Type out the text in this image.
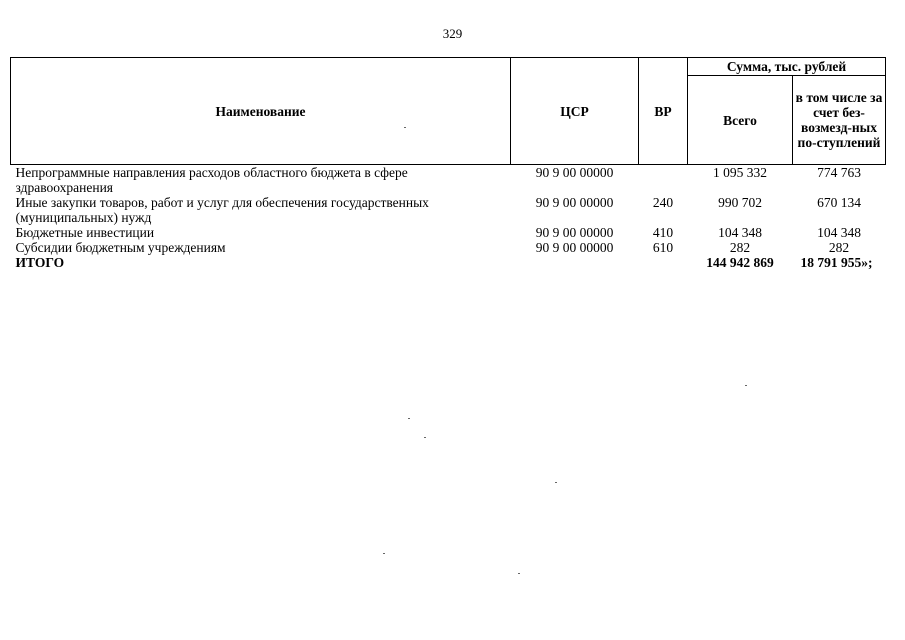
329
Наименование	ЦСР	ВР	Сумма, тыс. рублей	
			Всего	в том числе за счет без-возмезд-ных по-ступлений
Непрограммные направления расходов областного бюджета в сфере здравоохранения	90 9 00 00000		1 095 332	774 763
Иные закупки товаров, работ и услуг для обеспечения государственных (муниципальных) нужд	90 9 00 00000	240	990 702	670 134
Бюджетные инвестиции	90 9 00 00000	410	104 348	104 348
Субсидии бюджетным учреждениям	90 9 00 00000	610	282	282
ИТОГО			144 942 869	18 791 955»;
